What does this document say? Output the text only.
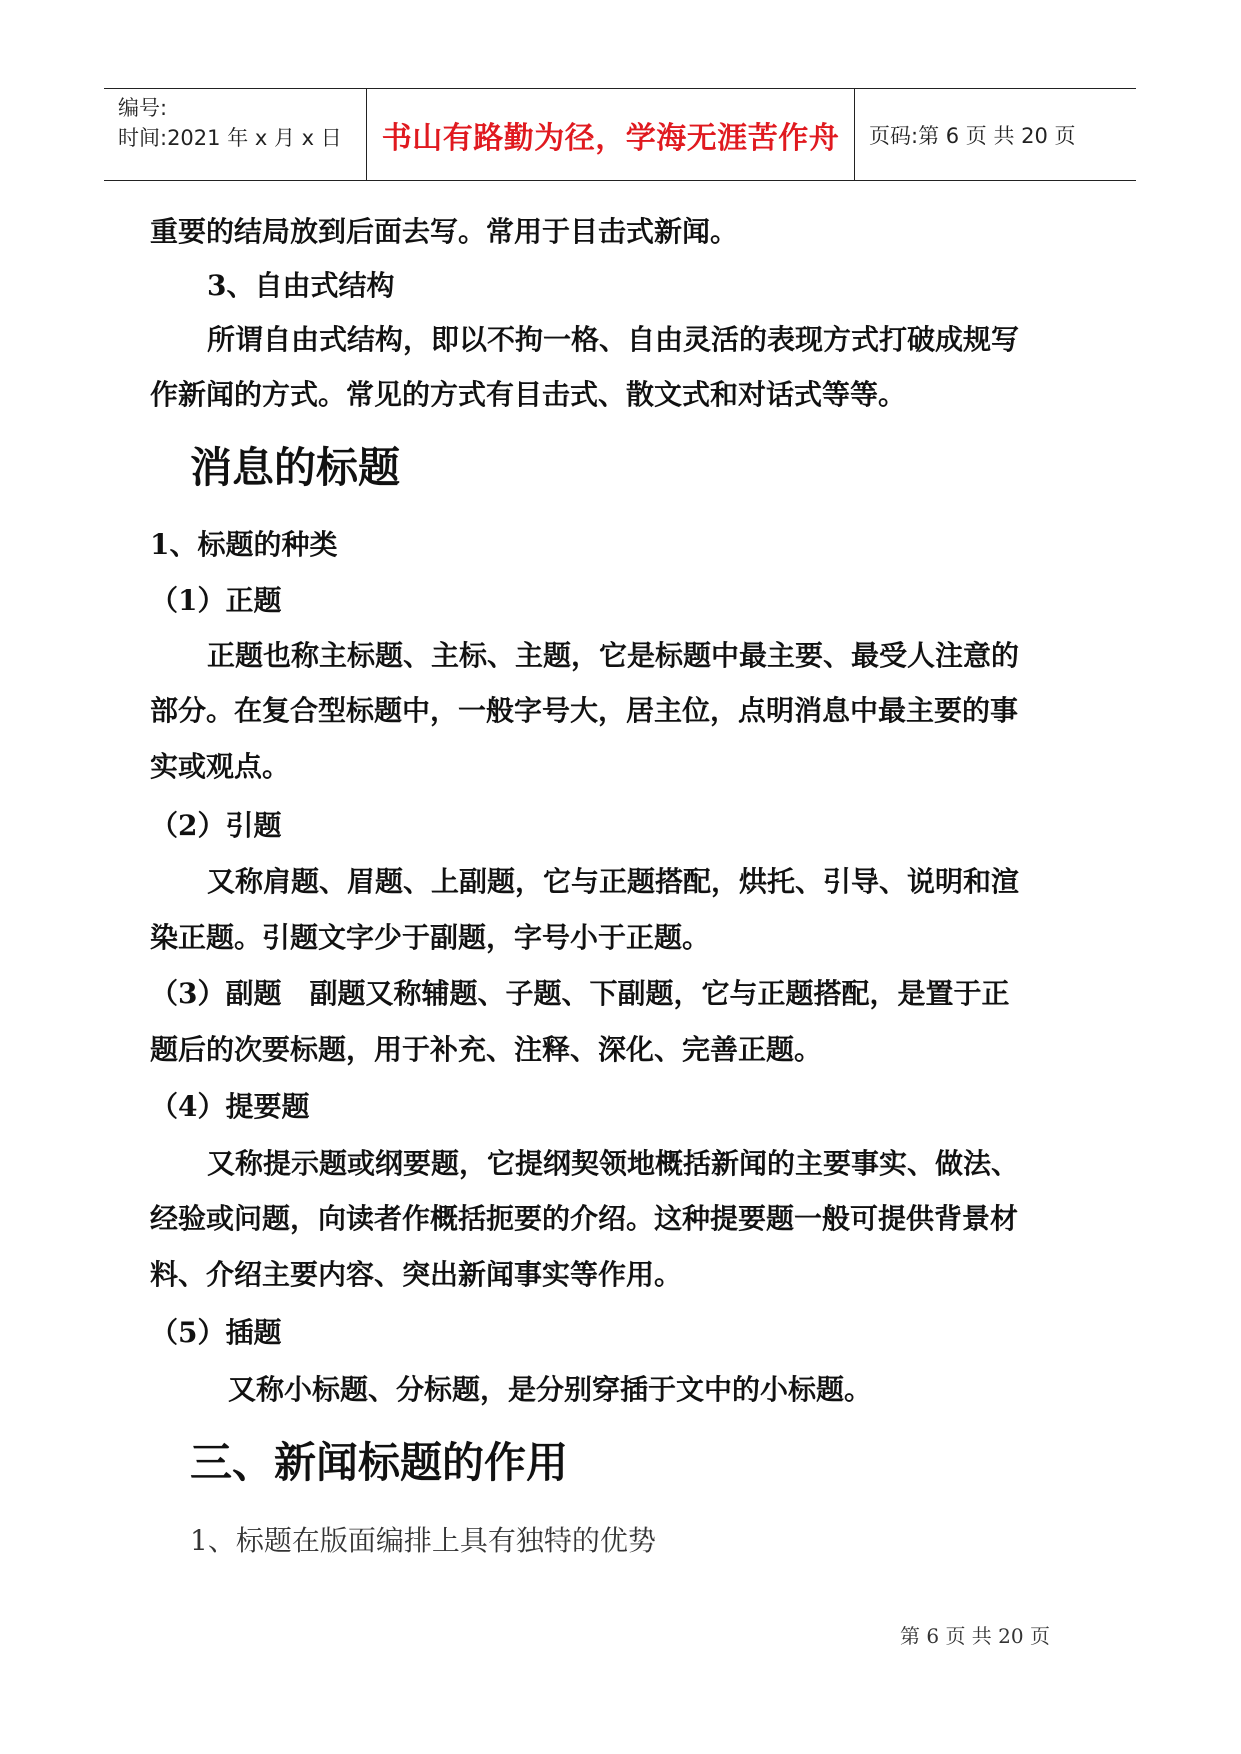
编号:
时间:2021 年 x 月 x 日	书山有路勤为径，学海无涯苦作舟	页码:第 6 页 共 20 页
重要的结局放到后面去写。常用于目击式新闻。
3、自由式结构
所谓自由式结构，即以不拘一格、自由灵活的表现方式打破成规写
作新闻的方式。常见的方式有目击式、散文式和对话式等等。
消息的标题
1、标题的种类
（1）正题
正题也称主标题、主标、主题，它是标题中最主要、最受人注意的
部分。在复合型标题中，一般字号大，居主位，点明消息中最主要的事
实或观点。
（2）引题
又称肩题、眉题、上副题，它与正题搭配，烘托、引导、说明和渲
染正题。引题文字少于副题，字号小于正题。
（3）副题　副题又称辅题、子题、下副题，它与正题搭配，是置于正
题后的次要标题，用于补充、注释、深化、完善正题。
（4）提要题
又称提示题或纲要题，它提纲契领地概括新闻的主要事实、做法、
经验或问题，向读者作概括扼要的介绍。这种提要题一般可提供背景材
料、介绍主要内容、突出新闻事实等作用。
（5）插题
又称小标题、分标题，是分别穿插于文中的小标题。
三、新闻标题的作用
1、标题在版面编排上具有独特的优势
第 6 页 共 20 页
